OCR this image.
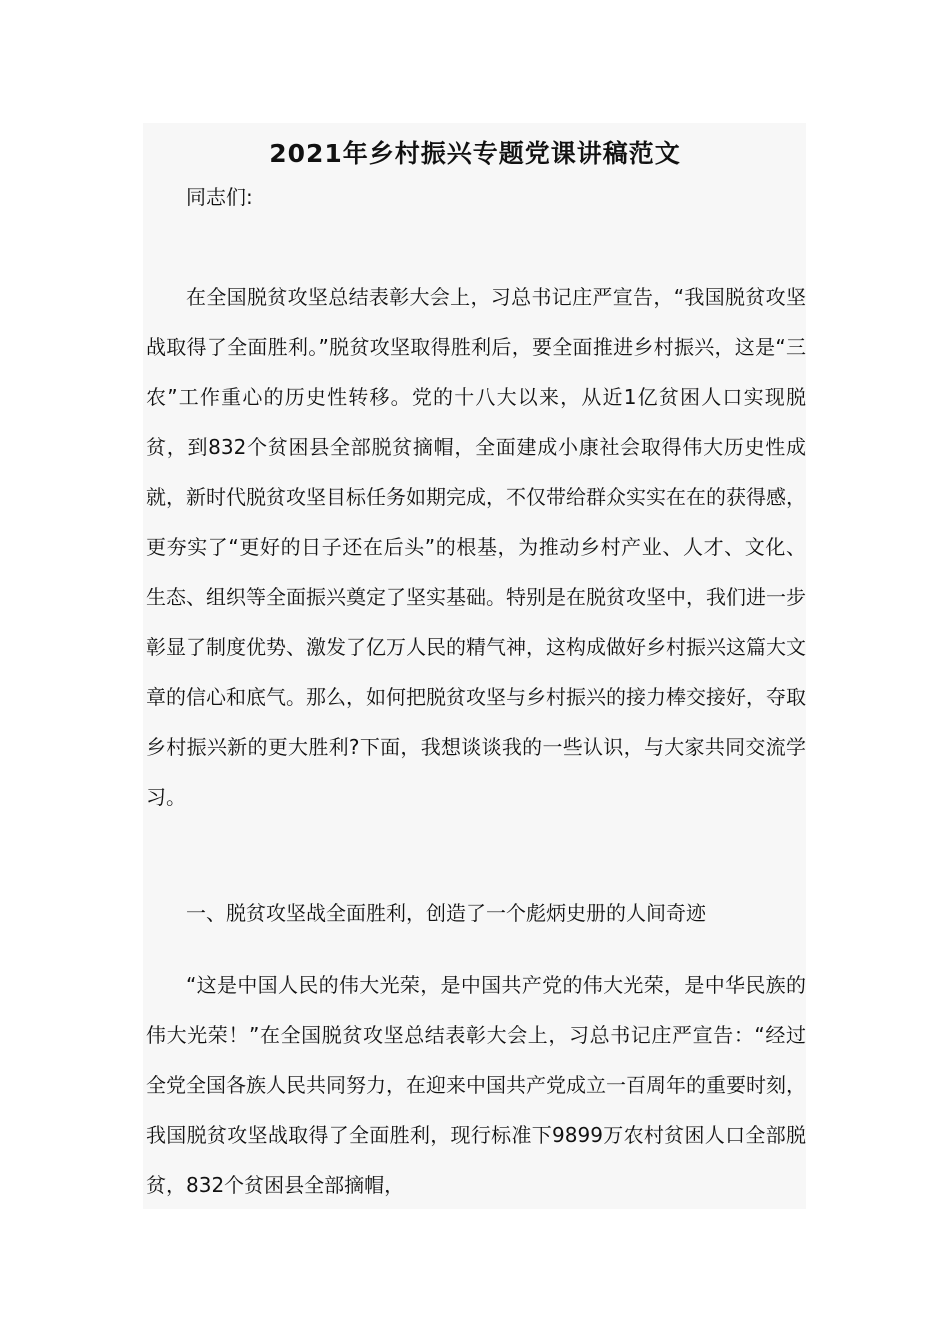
2021年乡村振兴专题党课讲稿范文

同志们:

在全国脱贫攻坚总结表彰大会上，习总书记庄严宣告，“我国脱贫攻坚战取得了全面胜利。”脱贫攻坚取得胜利后，要全面推进乡村振兴，这是“三农”工作重心的历史性转移。党的十八大以来，从近1亿贫困人口实现脱贫，到832个贫困县全部脱贫摘帽，全面建成小康社会取得伟大历史性成就，新时代脱贫攻坚目标任务如期完成，不仅带给群众实实在在的获得感，更夯实了“更好的日子还在后头”的根基，为推动乡村产业、人才、文化、生态、组织等全面振兴奠定了坚实基础。特别是在脱贫攻坚中，我们进一步彰显了制度优势、激发了亿万人民的精气神，这构成做好乡村振兴这篇大文章的信心和底气。那么，如何把脱贫攻坚与乡村振兴的接力棒交接好，夺取乡村振兴新的更大胜利?下面，我想谈谈我的一些认识，与大家共同交流学习。

一、脱贫攻坚战全面胜利，创造了一个彪炳史册的人间奇迹

“这是中国人民的伟大光荣，是中国共产党的伟大光荣，是中华民族的伟大光荣！”在全国脱贫攻坚总结表彰大会上，习总书记庄严宣告：“经过全党全国各族人民共同努力，在迎来中国共产党成立一百周年的重要时刻，我国脱贫攻坚战取得了全面胜利，现行标准下9899万农村贫困人口全部脱贫，832个贫困县全部摘帽，
